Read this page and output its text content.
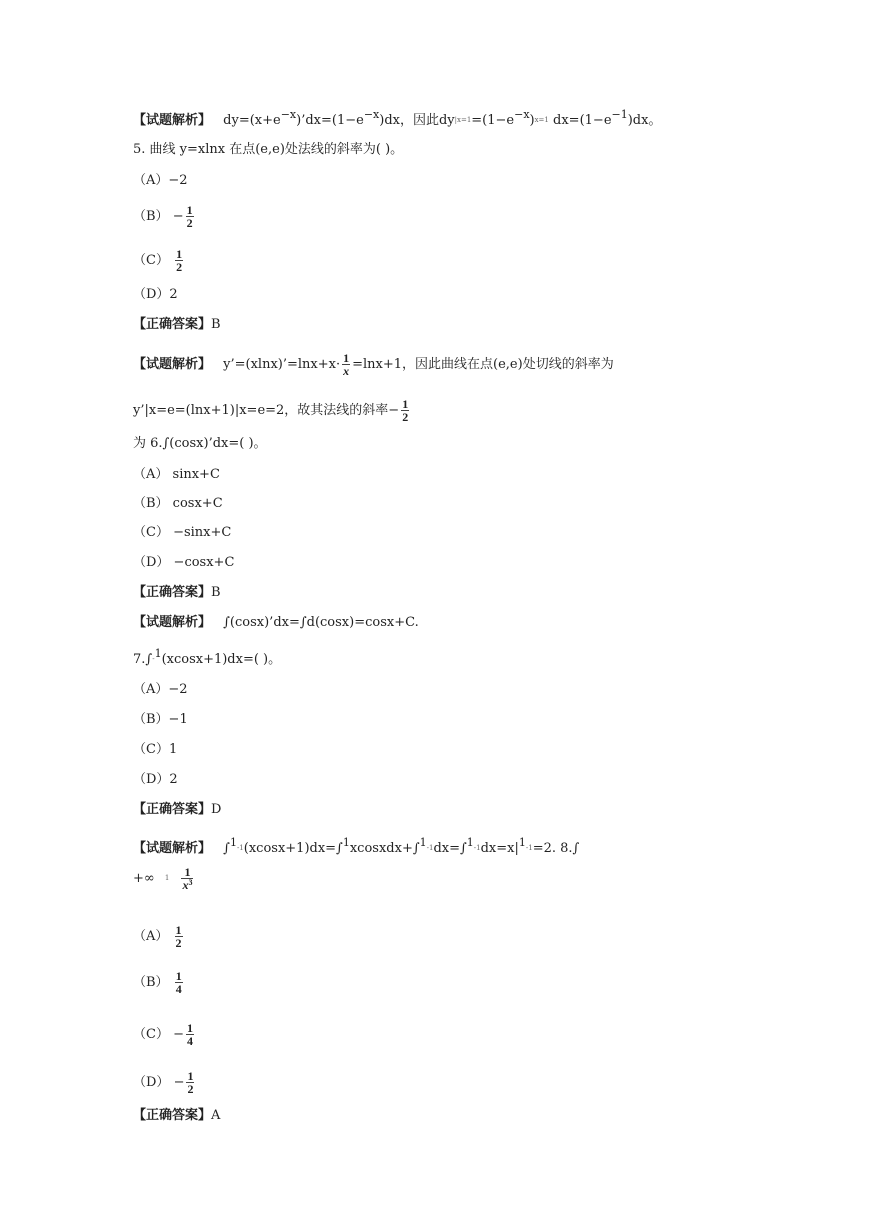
【试题解析】 $dy=(x+e^{-x})’dx=(1-e^{-x})dx$，因此$dy|x=1=(1-e^{-x})x=1$ $dx=(1-e^{-1})dx$。
5. 曲线 y=xlnx 在点(e,e)处法线的斜率为( )。
（A）−2
$(B) - \frac{1}{2}$
$(C) \frac{1}{2}$
（D）2
【正确答案】B
【试题解析】 y’=(xlnx)’=lnx+x· $\frac{1}{x} =\ln x+1$，因此曲线在点(e,e)处切线的斜率为
y’|x=e=(lnx+1)|x=e=2，故其法线的斜率− $\frac{1}{2}$
为 6.∫(cosx)’dx=( )。
（A） sinx+C
（B） cosx+C
（C） −sinx+C
（D） −cosx+C
【正确答案】B
【试题解析】 ∫(cosx)’dx=∫d(cosx)=cosx+C.
7.∫-$^1$(xcosx+1)dx=( )。
（A）−2
（B）−1
（C）1
（D）2
【正确答案】D
【试题解析】 $\int^1-1(xcosx+1)dx=\int^1xcosxdx+\int^1-1dx=\int^1-1dx=x|^1-1=2$. 8.∫
+∞ $1 \frac{1}{x^3}$
$(A) \frac{1}{2}$
$(B) \frac{1}{4}$
$(C) - \frac{1}{4}$
$(D) - \frac{1}{2}$
【正确答案】A
